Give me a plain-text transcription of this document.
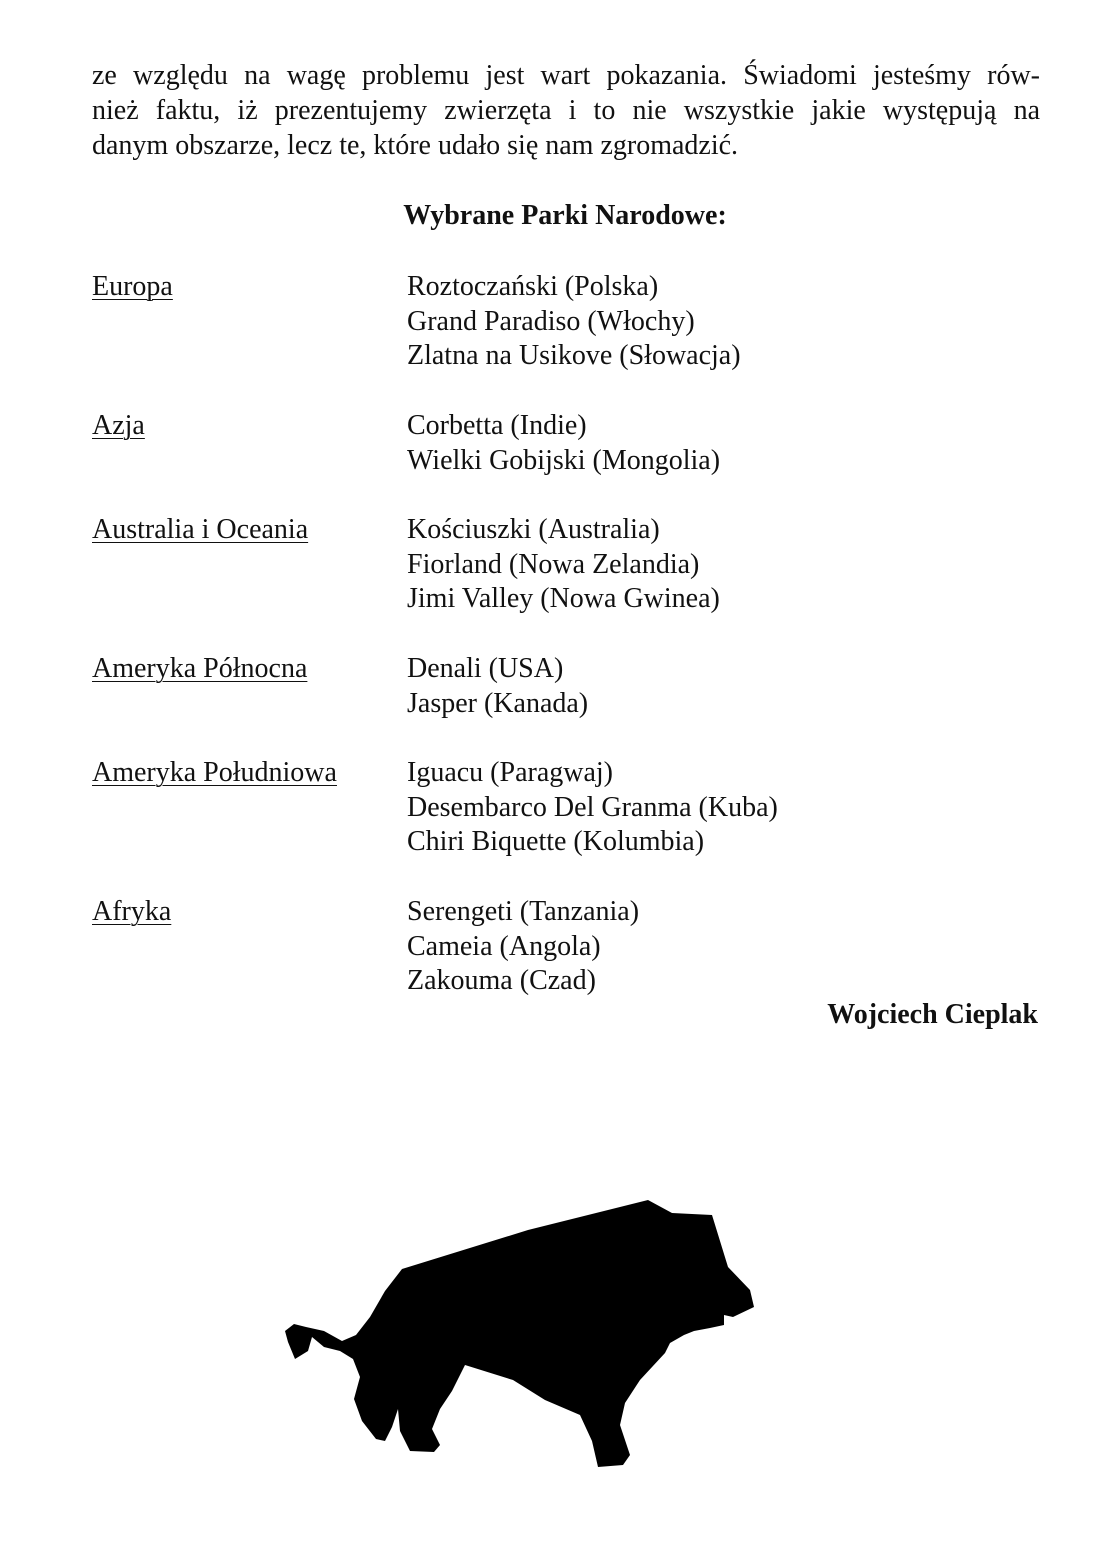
ze względu na wagę problemu jest wart pokazania. Świadomi jesteśmy rów-
nież faktu, iż prezentujemy zwierzęta i to nie wszystkie jakie występują na
danym obszarze, lecz te, które udało się nam zgromadzić.

Wybrane Parki Narodowe:
Europa	Roztoczański (Polska)
Grand Paradiso (Włochy)
Zlatna na Usikove (Słowacja)
Azja	Corbetta (Indie)
Wielki Gobijski (Mongolia)
Australia i Oceania	Kościuszki (Australia)
Fiorland (Nowa Zelandia)
Jimi Valley (Nowa Gwinea)
Ameryka Północna	Denali (USA)
Jasper (Kanada)
Ameryka Południowa	Iguacu (Paragwaj)
Desembarco Del Granma (Kuba)
Chiri Biquette (Kolumbia)
Afryka	Serengeti (Tanzania)
Cameia (Angola)
Zakouma (Czad)

Wojciech Cieplak
